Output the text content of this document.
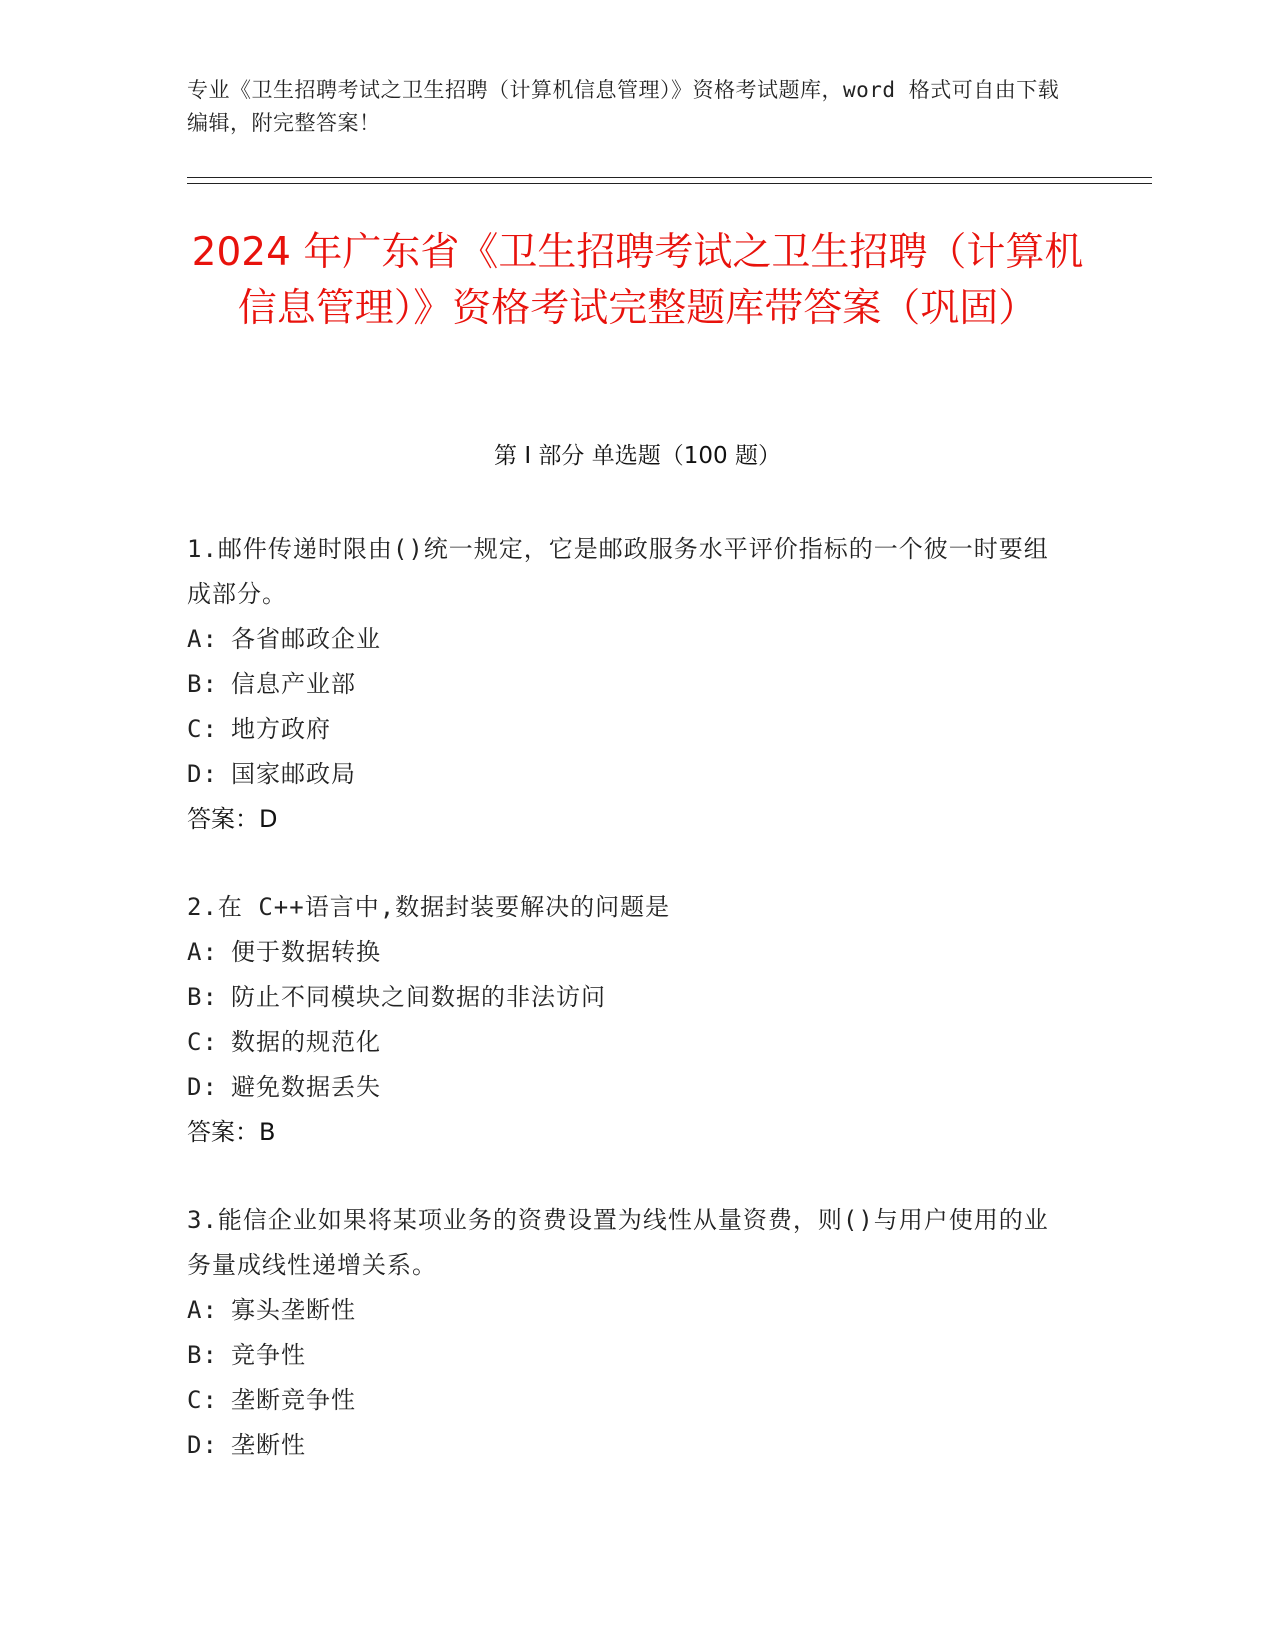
专业《卫生招聘考试之卫生招聘（计算机信息管理）》资格考试题库，word 格式可自由下载编辑，附完整答案！
2024 年广东省《卫生招聘考试之卫生招聘（计算机信息管理）》资格考试完整题库带答案（巩固）
第 I 部分 单选题（100 题）
1.邮件传递时限由()统一规定，它是邮政服务水平评价指标的一个彼一时要组成部分。
A: 各省邮政企业
B: 信息产业部
C: 地方政府
D: 国家邮政局
答案：D
2.在 C++语言中,数据封装要解决的问题是
A: 便于数据转换
B: 防止不同模块之间数据的非法访问
C: 数据的规范化
D: 避免数据丢失
答案：B
3.能信企业如果将某项业务的资费设置为线性从量资费，则()与用户使用的业务量成线性递增关系。
A: 寡头垄断性
B: 竞争性
C: 垄断竞争性
D: 垄断性
